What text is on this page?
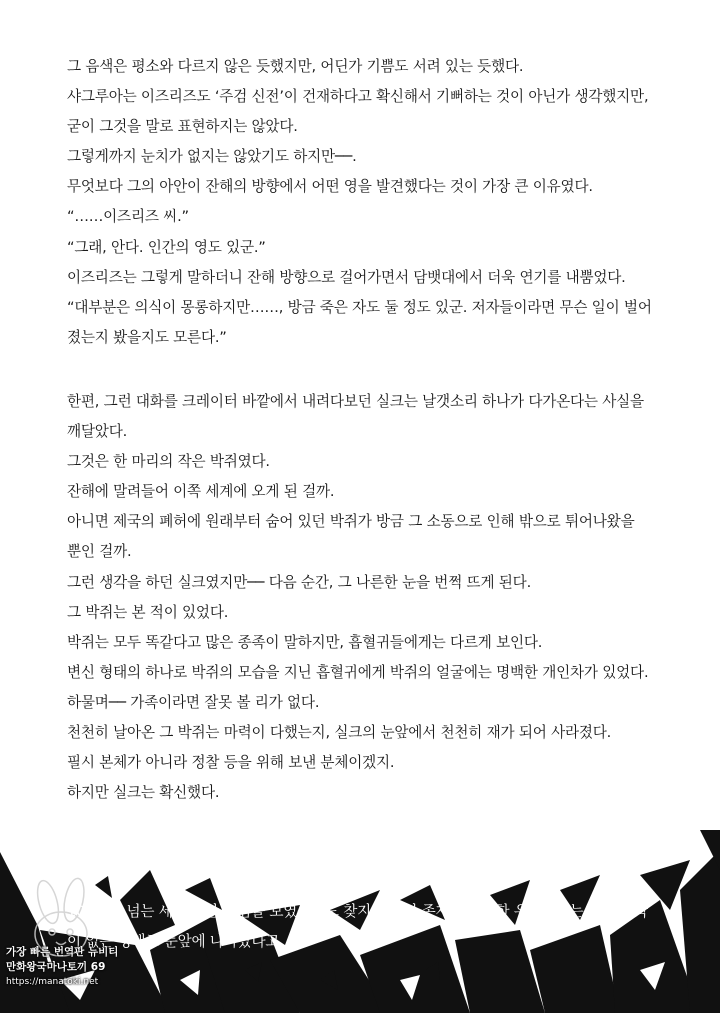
그 음색은 평소와 다르지 않은 듯했지만, 어딘가 기쁨도 서려 있는 듯했다.
샤그루아는 이즈리즈도 ‘주검 신전’이 건재하다고 확신해서 기뻐하는 것이 아닌가 생각했지만,
굳이 그것을 말로 표현하지는 않았다.
그렇게까지 눈치가 없지는 않았기도 하지만──.
무엇보다 그의 아안이 잔해의 방향에서 어떤 영을 발견했다는 것이 가장 큰 이유였다.
“……이즈리즈 씨.”
“그래, 안다. 인간의 영도 있군.”
이즈리즈는 그렇게 말하더니 잔해 방향으로 걸어가면서 담뱃대에서 더욱 연기를 내뿜었다.
“대부분은 의식이 몽롱하지만……, 방금 죽은 자도 둘 정도 있군. 저자들이라면 무슨 일이 벌어
졌는지 봤을지도 모른다.”
한편, 그런 대화를 크레이터 바깥에서 내려다보던 실크는 날갯소리 하나가 다가온다는 사실을
깨달았다.
그것은 한 마리의 작은 박쥐였다.
잔해에 말려들어 이쪽 세계에 오게 된 걸까.
아니면 제국의 폐허에 원래부터 숨어 있던 박쥐가 방금 그 소동으로 인해 밖으로 튀어나왔을
뿐인 걸까.
그런 생각을 하던 실크였지만── 다음 순간, 그 나른한 눈을 번쩍 뜨게 된다.
그 박쥐는 본 적이 있었다.
박쥐는 모두 똑같다고 많은 종족이 말하지만, 흡혈귀들에게는 다르게 보인다.
변신 형태의 하나로 박쥐의 모습을 지닌 흡혈귀에게 박쥐의 얼굴에는 명백한 개인차가 있었다.
하물며── 가족이라면 잘못 볼 리가 없다.
천천히 날아온 그 박쥐는 마력이 다했는지, 실크의 눈앞에서 천천히 재가 되어 사라졌다.
필시 본체가 아니라 정찰 등을 위해 보낸 분체이겠지.
하지만 실크는 확신했다.
100년을 넘는 세월 동안 집념을 보였음에도 찾지 못했던 존재가 완벽한 우연이라는 얄궂기 짝
이 없는 형태로 눈앞에 나타났다고.
가장 빠른 번역판 뉴비티
만화왕국마나토끼 69
https://manatoki.net
